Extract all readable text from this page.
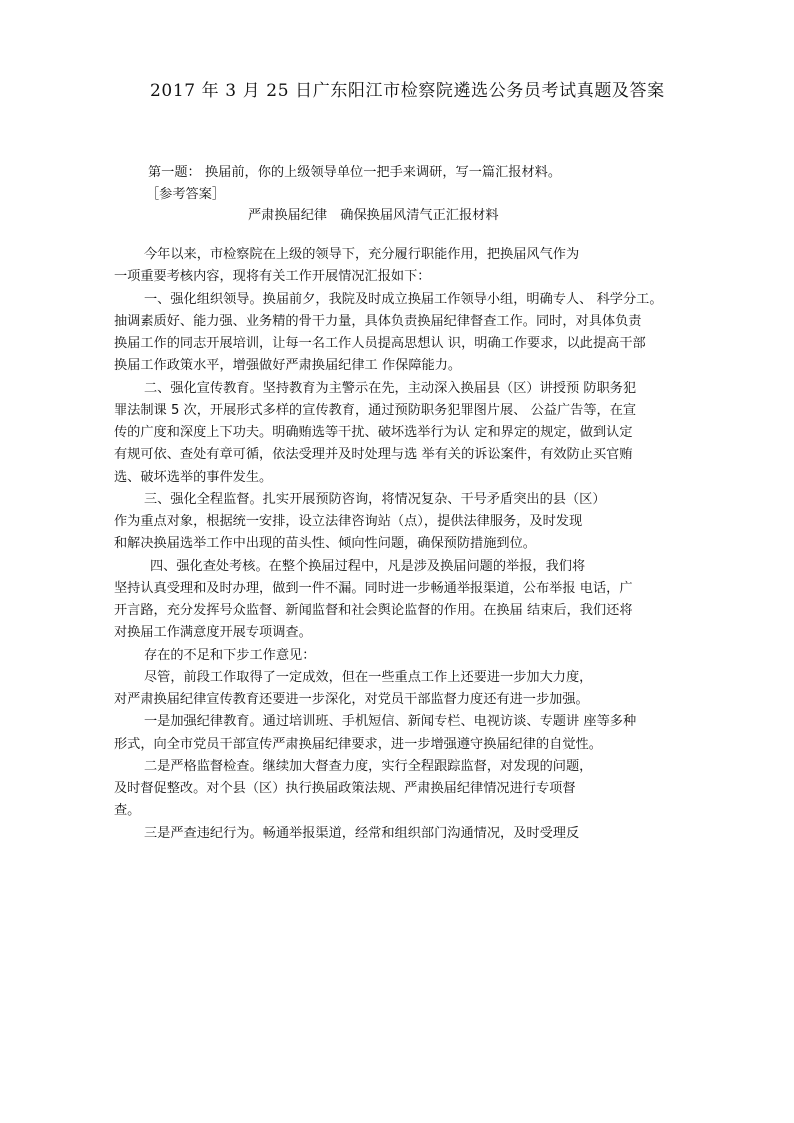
2017 年 3 月 25 日广东阳江市检察院遴选公务员考试真题及答案
第一题： 换届前，你的上级领导单位一把手来调研，写一篇汇报材料。
［参考答案］
严肃换届纪律　确保换届风清气正汇报材料
今年以来，市检察院在上级的领导下，充分履行职能作用，把换届风气作为
一项重要考核内容，现将有关工作开展情况汇报如下：
一、强化组织领导。换届前夕，我院及时成立换届工作领导小组，明确专人、 科学分工。
抽调素质好、能力强、业务精的骨干力量，具体负责换届纪律督查工作。同时，对具体负责
换届工作的同志开展培训，让每一名工作人员提高思想认 识，明确工作要求，以此提高干部
换届工作政策水平，增强做好严肃换届纪律工 作保障能力。
二、强化宣传教育。坚持教育为主警示在先，主动深入换届县（区）讲授预 防职务犯
罪法制课 5 次，开展形式多样的宣传教育，通过预防职务犯罪图片展、 公益广告等，在宣
传的广度和深度上下功夫。明确贿选等干扰、破坏选举行为认 定和界定的规定，做到认定
有规可依、查处有章可循，依法受理并及时处理与选 举有关的诉讼案件，有效防止买官贿
选、破坏选举的事件发生。
三、强化全程监督。扎实开展预防咨询，将情况复杂、干号矛盾突出的县（区）
作为重点对象，根据统一安排，设立法律咨询站（点），提供法律服务，及时发现
和解决换届选举工作中出现的苗头性、倾向性问题，确保预防措施到位。
四、强化查处考核。在整个换届过程中，凡是涉及换届问题的举报，我们将
坚持认真受理和及时办理，做到一件不漏。同时进一步畅通举报渠道，公布举报 电话，广
开言路，充分发挥号众监督、新闻监督和社会舆论监督的作用。在换届 结束后，我们还将
对换届工作满意度开展专项调查。
存在的不足和下步工作意见：
尽管，前段工作取得了一定成效，但在一些重点工作上还要进一步加大力度，
对严肃换届纪律宣传教育还要进一步深化，对党员干部监督力度还有进一步加强。
一是加强纪律教育。通过培训班、手机短信、新闻专栏、电视访谈、专题讲 座等多种
形式，向全市党员干部宣传严肃换届纪律要求，进一步增强遵守换届纪律的自觉性。
二是严格监督检查。继续加大督查力度，实行全程跟踪监督，对发现的问题，
及时督促整改。对个县（区）执行换届政策法规、严肃换届纪律情况进行专项督
查。
三是严查违纪行为。畅通举报渠道，经常和组织部门沟通情况，及时受理反
